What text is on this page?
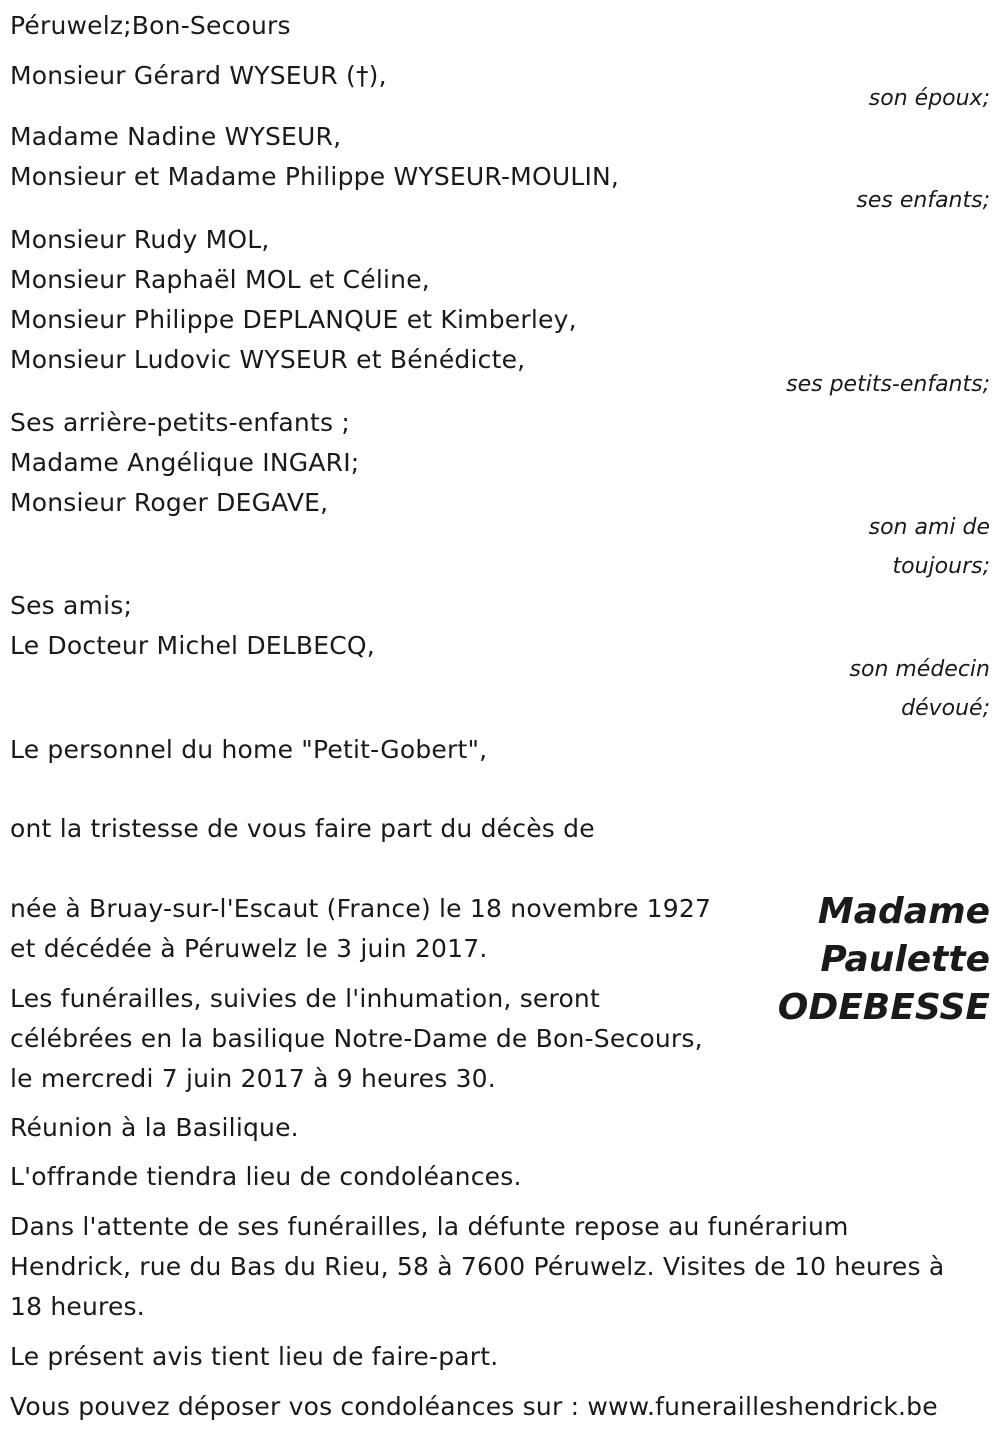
Péruwelz;Bon-Secours
Monsieur Gérard WYSEUR (†),
son époux;
Madame Nadine WYSEUR,
Monsieur et Madame Philippe WYSEUR-MOULIN,
ses enfants;
Monsieur Rudy MOL,
Monsieur Raphaël MOL et Céline,
Monsieur Philippe DEPLANQUE et Kimberley,
Monsieur Ludovic WYSEUR et Bénédicte,
ses petits-enfants;
Ses arrière-petits-enfants ;
Madame Angélique INGARI;
Monsieur Roger DEGAVE,
son ami de
toujours;
Ses amis;
Le Docteur Michel DELBECQ,
son médecin
dévoué;
Le personnel du home "Petit-Gobert",
ont la tristesse de vous faire part du décès de
Madame
Paulette
ODEBESSE
née à Bruay-sur-l'Escaut (France) le 18 novembre 1927
et décédée à Péruwelz le 3 juin 2017.
Les funérailles, suivies de l'inhumation, seront
célébrées en la basilique Notre-Dame de Bon-Secours,
le mercredi 7 juin 2017 à 9 heures 30.
Réunion à la Basilique.
L'offrande tiendra lieu de condoléances.
Dans l'attente de ses funérailles, la défunte repose au funérarium
Hendrick, rue du Bas du Rieu, 58 à 7600 Péruwelz. Visites de 10 heures à
18 heures.
Le présent avis tient lieu de faire-part.
Vous pouvez déposer vos condoléances sur : www.funerailleshendrick.be
